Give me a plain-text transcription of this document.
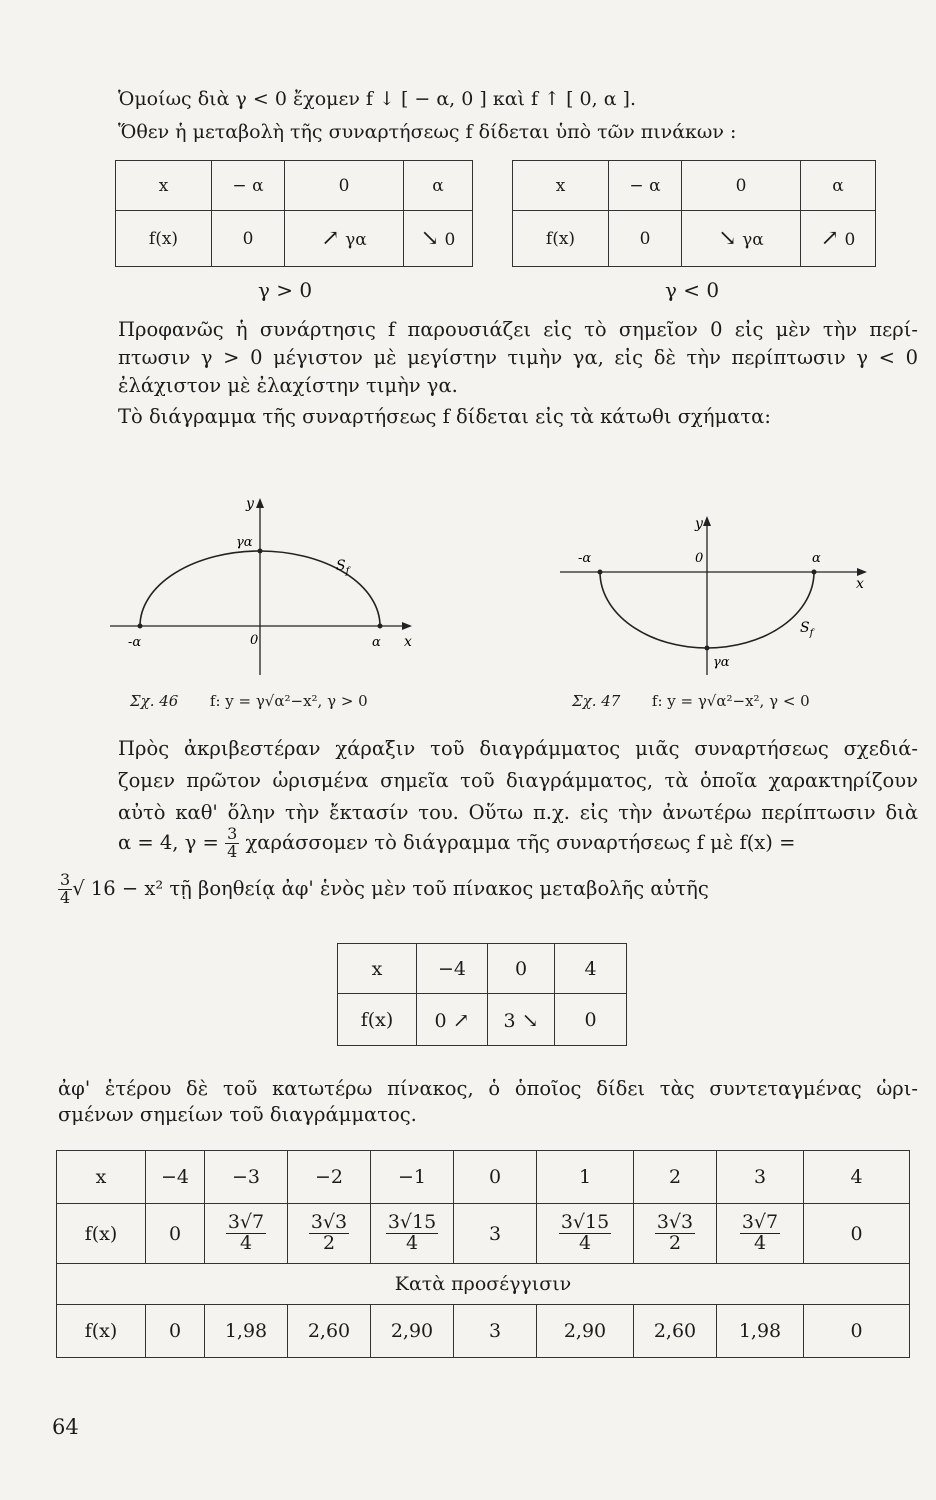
Ὁμοίως διὰ γ < 0 ἔχομεν f ↓ [ − α, 0 ] καὶ f ↑ [ 0, α ].
Ὅθεν ἡ μεταβολὴ τῆς συναρτήσεως f δίδεται ὑπὸ τῶν πινάκων :
x	− α	0	α
f(x)	0	↗ γα	↘ 0
γ > 0
x	− α	0	α
f(x)	0	↘ γα	↗ 0
γ < 0
Προφανῶς ἡ συνάρτησις f παρουσιάζει εἰς τὸ σημεῖον 0 εἰς μὲν τὴν περί-
πτωσιν γ > 0 μέγιστον μὲ μεγίστην τιμὴν γα, εἰς δὲ τὴν περίπτωσιν γ < 0
ἐλάχιστον μὲ ἐλαχίστην τιμὴν γα.
Τὸ διάγραμμα τῆς συναρτήσεως f δίδεται εἰς τὰ κάτωθι σχήματα:
y
γα
$S_f$
-α	0	α x
Σχ. 46 f: y = γ√α²−x², γ > 0
y
γα
$S_f$
-α	0	α
x
Σχ. 47 f: y = γ√α²−x², γ < 0
Πρὸς ἀκριβεστέραν χάραξιν τοῦ διαγράμματος μιᾶς συναρτήσεως σχεδιά-
ζομεν πρῶτον ὡρισμένα σημεῖα τοῦ διαγράμματος, τὰ ὁποῖα χαρακτηρίζουν
αὐτὸ καθ' ὅλην τὴν ἔκτασίν του. Οὕτω π.χ. εἰς τὴν ἀνωτέρω περίπτωσιν διὰ
α = 4, $\gamma = \frac{3}{4}$ χαράσσομεν τὸ διάγραμμα τῆς συναρτήσεως f μὲ f(x) =
$\frac{3}{4}$ √ 16 − x² τῇ βοηθείᾳ ἀφ' ἑνὸς μὲν τοῦ πίνακος μεταβολῆς αὐτῆς
x	−4	0	4
f(x)	0 ↗	3 ↘	0
ἀφ' ἑτέρου δὲ τοῦ κατωτέρω πίνακος, ὁ ὁποῖος δίδει τὰς συντεταγμένας ὡρι-
σμένων σημείων τοῦ διαγράμματος.
x	−4	−3	−2	−1	0	1	2	3	4
f(x)	0	$\frac{3√7}{4}$	$\frac{3√3}{2}$	$\frac{3√15}{4}$	3	$\frac{3√15}{4}$	$\frac{3√3}{2}$	$\frac{3√7}{4}$	0
Κατὰ προσέγγισιν									
f(x)	0	1,98	2,60	2,90	3	2,90	2,60	1,98	0
64
